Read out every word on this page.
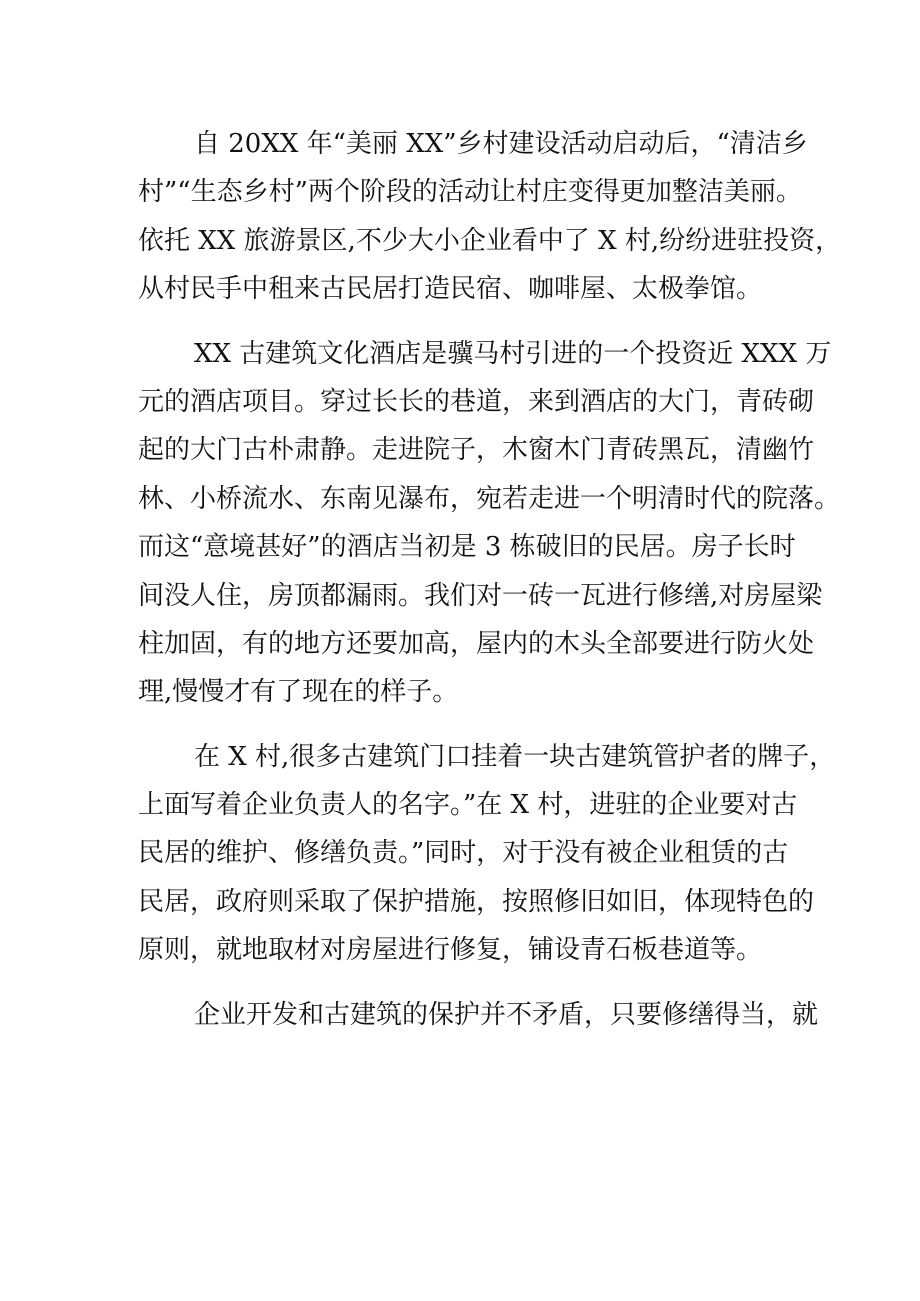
自 20XX 年“美丽 XX”乡村建设活动启动后，“清洁乡
村”“生态乡村”两个阶段的活动让村庄变得更加整洁美丽。
依托 XX 旅游景区,不少大小企业看中了 X 村,纷纷进驻投资，
从村民手中租来古民居打造民宿、咖啡屋、太极拳馆。
XX 古建筑文化酒店是骥马村引进的一个投资近 XXX 万
元的酒店项目。穿过长长的巷道，来到酒店的大门，青砖砌
起的大门古朴肃静。走进院子，木窗木门青砖黑瓦，清幽竹
林、小桥流水、东南见瀑布，宛若走进一个明清时代的院落。
而这“意境甚好”的酒店当初是 3 栋破旧的民居。房子长时
间没人住，房顶都漏雨。我们对一砖一瓦进行修缮,对房屋梁
柱加固，有的地方还要加高，屋内的木头全部要进行防火处
理,慢慢才有了现在的样子。
在 X 村,很多古建筑门口挂着一块古建筑管护者的牌子，
上面写着企业负责人的名字。”在 X 村，进驻的企业要对古
民居的维护、修缮负责。”同时，对于没有被企业租赁的古
民居，政府则采取了保护措施，按照修旧如旧，体现特色的
原则，就地取材对房屋进行修复，铺设青石板巷道等。
企业开发和古建筑的保护并不矛盾，只要修缮得当，就
